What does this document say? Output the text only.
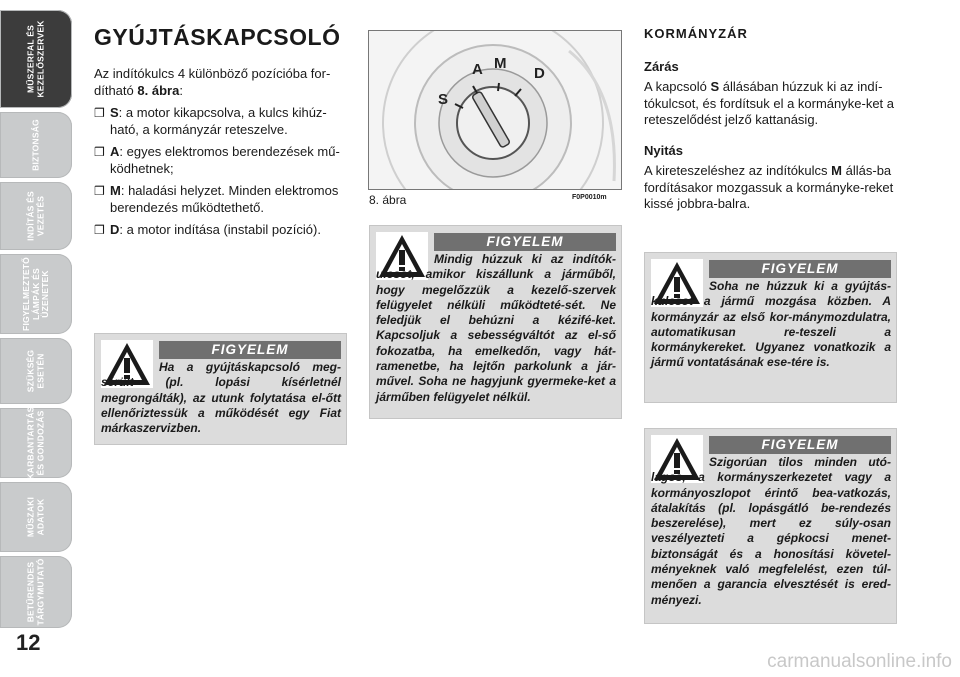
MŰSZERFAL ÉS
KEZELŐSZERVEK
BIZTONSÁG
INDÍTÁS ÉS
VEZETÉS
FIGYELMEZTETŐ
LÁMPÁK ÉS
ÜZENETEK
SZÜKSÉG
ESETÉN
KARBANTARTÁS
ÉS GONDOZÁS
MŰSZAKI
ADATOK
BETŰRENDES
TÁRGYMUTATÓ
12
GYÚJTÁSKAPCSOLÓ

Az indítókulcs 4 különböző pozícióba for-dítható 8. ábra:

❒ S: a motor kikapcsolva, a kulcs kihúz-ható, a kormányzár reteszelve.
❒ A: egyes elektromos berendezések mű-ködhetnek;
❒ M: haladási helyzet. Minden elektromos berendezés működtethető.
❒ D: a motor indítása (instabil pozíció).
FIGYELEM
Ha a gyújtáskapcsoló meg-sérült (pl. lopási kísérletnél megrongálták), az utunk folytatása el-őtt ellenőriztessük a működését egy Fiat márkaszervizben.
S
A M
D
8. ábra	F0P0010m
FIGYELEM
Mindig húzzuk ki az indítók-ulcsot, amikor kiszállunk a járműből, hogy megelőzzük a kezelő-szervek felügyelet nélküli működteté-sét. Ne feledjük el behúzni a kézifé-ket. Kapcsoljuk a sebességváltót az el-ső fokozatba, ha emelkedőn, vagy hát-ramenetbe, ha lejtőn parkolunk a jár-művel. Soha ne hagyjunk gyermeke-ket a járműben felügyelet nélkül.

KORMÁNYZÁR

Zárás

A kapcsoló S állásában húzzuk ki az indí-tókulcsot, és fordítsuk el a kormányke-ket a reteszelődést jelző kattanásig.

Nyitás

A kireteszeléshez az indítókulcs M állás-ba fordításakor mozgassuk a kormányke-reket kissé jobbra-balra.

FIGYELEM
Soha ne húzzuk ki a gyújtás-kulcsot a jármű mozgása közben. A kormányzár az első kor-mánymozdulatra, automatikusan re-teszeli a kormánykereket. Ugyanez vonatkozik a jármű vontatásának ese-tére is.
FIGYELEM
Szigorúan tilos minden utó-lagos, a kormányszerkezetet vagy a kormányoszlopot érintő bea-vatkozás, átalakítás (pl. lopásgátló be-rendezés beszerelése), mert ez súly-osan veszélyezteti a gépkocsi menet-biztonságát és a honosítási követel-ményeknek való megfelelést, ezen túl-menően a garancia elvesztését is ered-ményezi.
carmanualsonline.info
